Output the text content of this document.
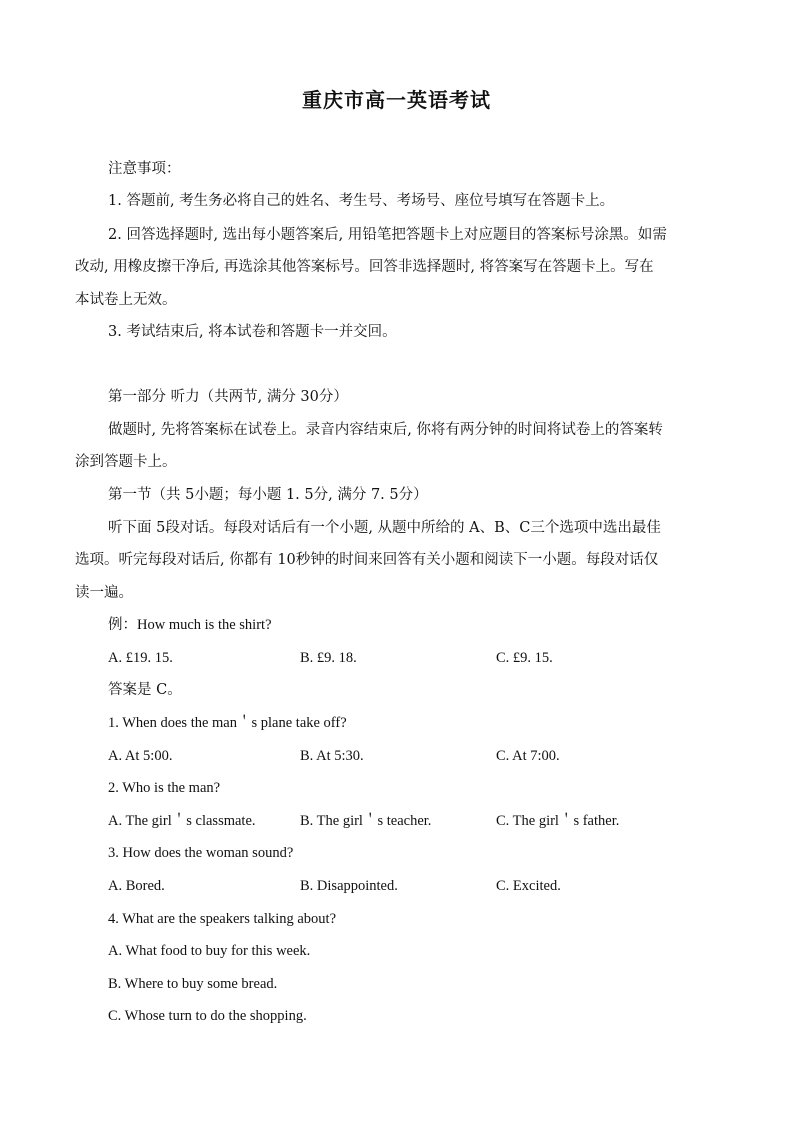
重庆市高一英语考试
注意事项：
1. 答题前, 考生务必将自己的姓名、考生号、考场号、座位号填写在答题卡上。
2. 回答选择题时, 选出每小题答案后, 用铅笔把答题卡上对应题目的答案标号涂黑。如需
改动, 用橡皮擦干净后, 再选涂其他答案标号。回答非选择题时, 将答案写在答题卡上。写在
本试卷上无效。
3. 考试结束后, 将本试卷和答题卡一并交回。
第一部分 听力（共两节, 满分 30分）
做题时, 先将答案标在试卷上。录音内容结束后, 你将有两分钟的时间将试卷上的答案转
涂到答题卡上。
第一节（共 5小题；每小题 1. 5分, 满分 7. 5分）
听下面 5段对话。每段对话后有一个小题, 从题中所给的 A、B、C三个选项中选出最佳
选项。听完每段对话后, 你都有 10秒钟的时间来回答有关小题和阅读下一小题。每段对话仅
读一遍。
例：How much is the shirt?
A. £19. 15.	B. £9. 18.	C. £9. 15.
答案是 C。
1. When does the man＇s plane take off?
A. At 5:00.	B. At 5:30.	C. At 7:00.
2. Who is the man?
A. The girl＇s classmate.	B. The girl＇s teacher.	C. The girl＇s father.
3. How does the woman sound?
A. Bored.	B. Disappointed.	C. Excited.
4. What are the speakers talking about?
A. What food to buy for this week.
B. Where to buy some bread.
C. Whose turn to do the shopping.
